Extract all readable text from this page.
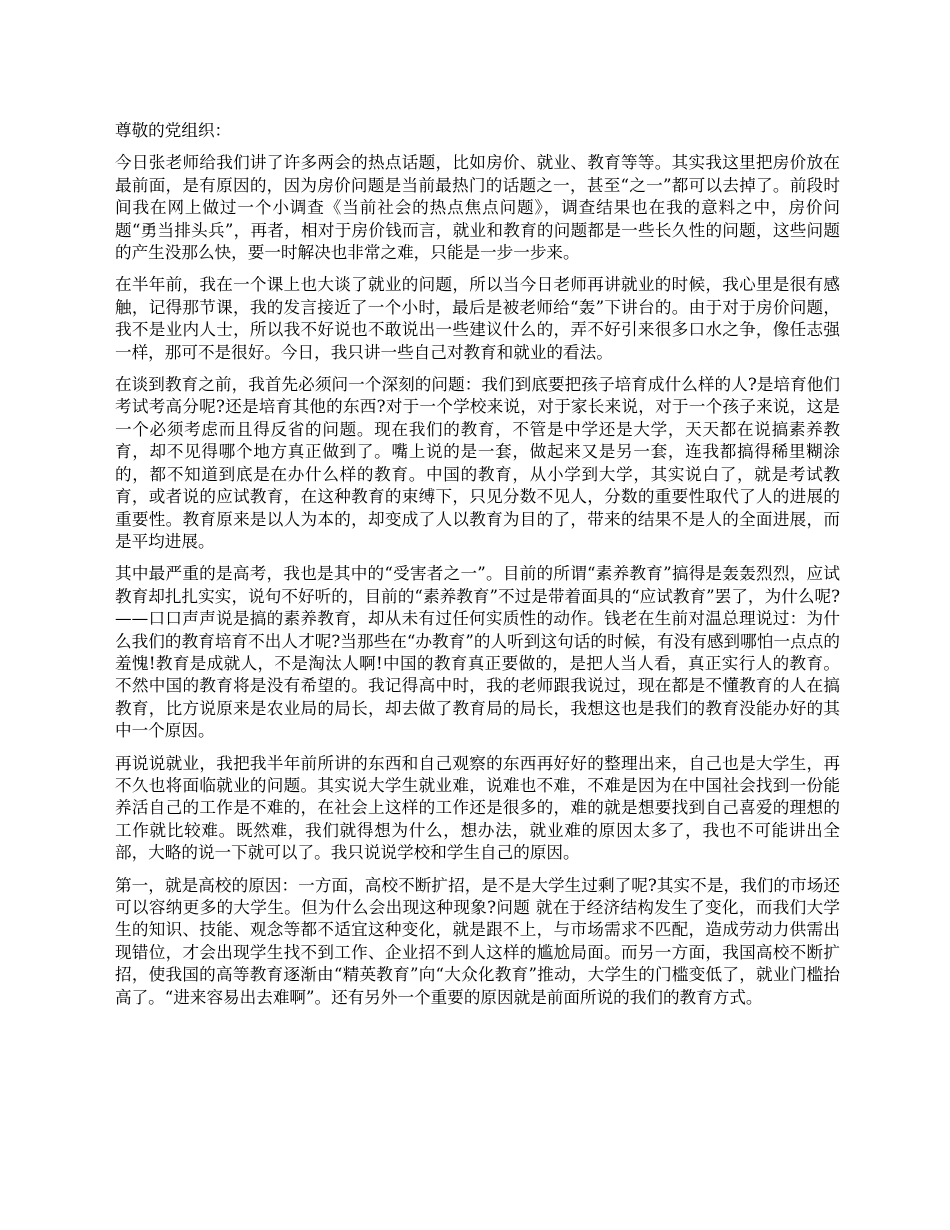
尊敬的党组织：

今日张老师给我们讲了许多两会的热点话题，比如房价、就业、教育等等。其实我这里把房价放在最前面，是有原因的，因为房价问题是当前最热门的话题之一，甚至“之一”都可以去掉了。前段时间我在网上做过一个小调查《当前社会的热点焦点问题》，调查结果也在我的意料之中，房价问题“勇当排头兵”，再者，相对于房价钱而言，就业和教育的问题都是一些长久性的问题，这些问题的产生没那么快，要一时解决也非常之难，只能是一步一步来。

在半年前，我在一个课上也大谈了就业的问题，所以当今日老师再讲就业的时候，我心里是很有感触，记得那节课，我的发言接近了一个小时，最后是被老师给“轰”下讲台的。由于对于房价问题，我不是业内人士，所以我不好说也不敢说出一些建议什么的，弄不好引来很多口水之争，像任志强一样，那可不是很好。今日，我只讲一些自己对教育和就业的看法。

在谈到教育之前，我首先必须问一个深刻的问题：我们到底要把孩子培育成什么样的人?是培育他们考试考高分呢?还是培育其他的东西?对于一个学校来说，对于家长来说，对于一个孩子来说，这是一个必须考虑而且得反省的问题。现在我们的教育，不管是中学还是大学，天天都在说搞素养教育，却不见得哪个地方真正做到了。嘴上说的是一套，做起来又是另一套，连我都搞得稀里糊涂的，都不知道到底是在办什么样的教育。中国的教育，从小学到大学，其实说白了，就是考试教育，或者说的应试教育，在这种教育的束缚下，只见分数不见人，分数的重要性取代了人的进展的重要性。教育原来是以人为本的，却变成了人以教育为目的了，带来的结果不是人的全面进展，而是平均进展。

其中最严重的是高考，我也是其中的“受害者之一”。目前的所谓“素养教育”搞得是轰轰烈烈，应试教育却扎扎实实，说句不好听的，目前的“素养教育”不过是带着面具的“应试教育”罢了，为什么呢?——口口声声说是搞的素养教育，却从未有过任何实质性的动作。钱老在生前对温总理说过：为什么我们的教育培育不出人才呢?当那些在“办教育”的人听到这句话的时候，有没有感到哪怕一点点的羞愧!教育是成就人，不是淘汰人啊!中国的教育真正要做的，是把人当人看，真正实行人的教育。不然中国的教育将是没有希望的。我记得高中时，我的老师跟我说过，现在都是不懂教育的人在搞教育，比方说原来是农业局的局长，却去做了教育局的局长，我想这也是我们的教育没能办好的其中一个原因。

再说说就业，我把我半年前所讲的东西和自己观察的东西再好好的整理出来，自己也是大学生，再不久也将面临就业的问题。其实说大学生就业难，说难也不难，不难是因为在中国社会找到一份能养活自己的工作是不难的，在社会上这样的工作还是很多的，难的就是想要找到自己喜爱的理想的工作就比较难。既然难，我们就得想为什么，想办法，就业难的原因太多了，我也不可能讲出全部，大略的说一下就可以了。我只说说学校和学生自己的原因。

第一，就是高校的原因：一方面，高校不断扩招，是不是大学生过剩了呢?其实不是，我们的市场还可以容纳更多的大学生。但为什么会出现这种现象?问题 就在于经济结构发生了变化，而我们大学生的知识、技能、观念等都不适宜这种变化，就是跟不上，与市场需求不匹配，造成劳动力供需出现错位，才会出现学生找不到工作、企业招不到人这样的尴尬局面。而另一方面，我国高校不断扩招，使我国的高等教育逐渐由“精英教育”向“大众化教育”推动，大学生的门槛变低了，就业门槛抬高了。“进来容易出去难啊”。还有另外一个重要的原因就是前面所说的我们的教育方式。
